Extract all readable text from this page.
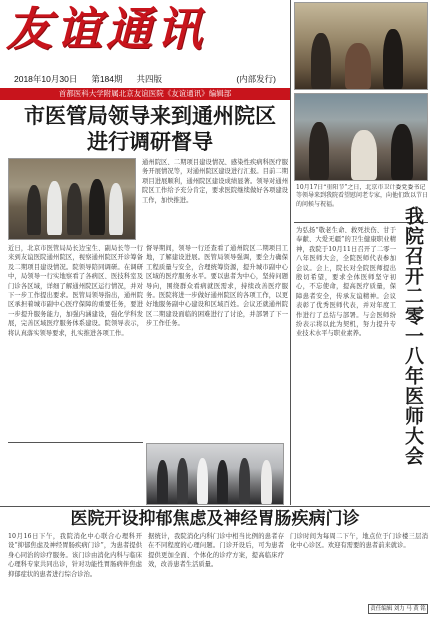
友谊通讯
2018年10月30日 第184期 共四版	(内部发行)
首都医科大学附属北京友谊医院《友谊通讯》编辑部
市医管局领导来到通州院区
进行调研督导
通州院区、二期项目建设情况、感染性疾病科医疗服务开展情况等，对通州院区建设进行汇报。目前二期项目进展顺利，通州院区建设成绩显著。领导对通州院区工作给予充分肯定，要求医院继续做好各项建设工作，加快推进。
近日，北京市医管局局长边宝生、副局长等一行来到友谊医院通州院区，视察通州院区开诊筹备及二期项目建设情况。院领导陪同调研。在调研中，局领导一行实地察看了各病区、医技科室及门诊各区域，详细了解通州院区运行情况，并对下一步工作提出要求。医管局领导指出，通州院区承担着城市副中心医疗保障的重要任务，要进一步提升服务能力，加强内涵建设，强化学科发展，完善区域医疗服务体系建设。院领导表示，将认真落实领导要求，扎实推进各项工作。
督导期间，领导一行还查看了通州院区二期项目工地，了解建设进展。医管局领导强调，要全力确保工程质量与安全，合理统筹资源，提升城市副中心区域的医疗服务水平。要以患者为中心，坚持问题导向，围绕群众看病就医需求，持续改善医疗服务。医院将进一步做好通州院区的各项工作，以更好地服务副中心建设和区域百姓。会议还就通州院区二期建设面临的困难进行了讨论，并部署了下一步工作任务。
10月17日“重阳节”之日，北京市卫计委党委书记等领导来到我院看望慰问老专家，向他们致以节日的问候与祝福。
为弘扬“敬老生命、救死扶伤、甘于奉献、大爱无疆”的卫生健康职业精神，我院于10月11日召开了二零一八年医师大会，全院医师代表参加会议。会上，院长对全院医师提出殷切希望，要求全体医师坚守初心，不忘使命，提高医疗质量，保障患者安全，传承友谊精神。会议表彰了优秀医师代表，并对年度工作进行了总结与部署。与会医师纷纷表示将以此为契机，努力提升专业技术水平与职业素养。	我院召开二零一八年医师大会
医院开设抑郁焦虑及神经胃肠疾病门诊
10月16日下午，我院消化中心联合心理科开设“抑郁焦虑及神经胃肠疾病门诊”，为患者提供身心同治的诊疗服务。该门诊由消化内科与临床心理科专家共同出诊，针对功能性胃肠病伴焦虑抑郁症状的患者进行综合诊治。
据统计，我院消化内科门诊中相当比例的患者存在不同程度的心理问题。门诊开设后，可为患者提供更加全面、个体化的诊疗方案，提高临床疗效，改善患者生活质量。
门诊时间为每周二下午，地点位于门诊楼三层消化中心诊区。欢迎有需要的患者前来就诊。
责任编辑 刘力 马 黄 铭
